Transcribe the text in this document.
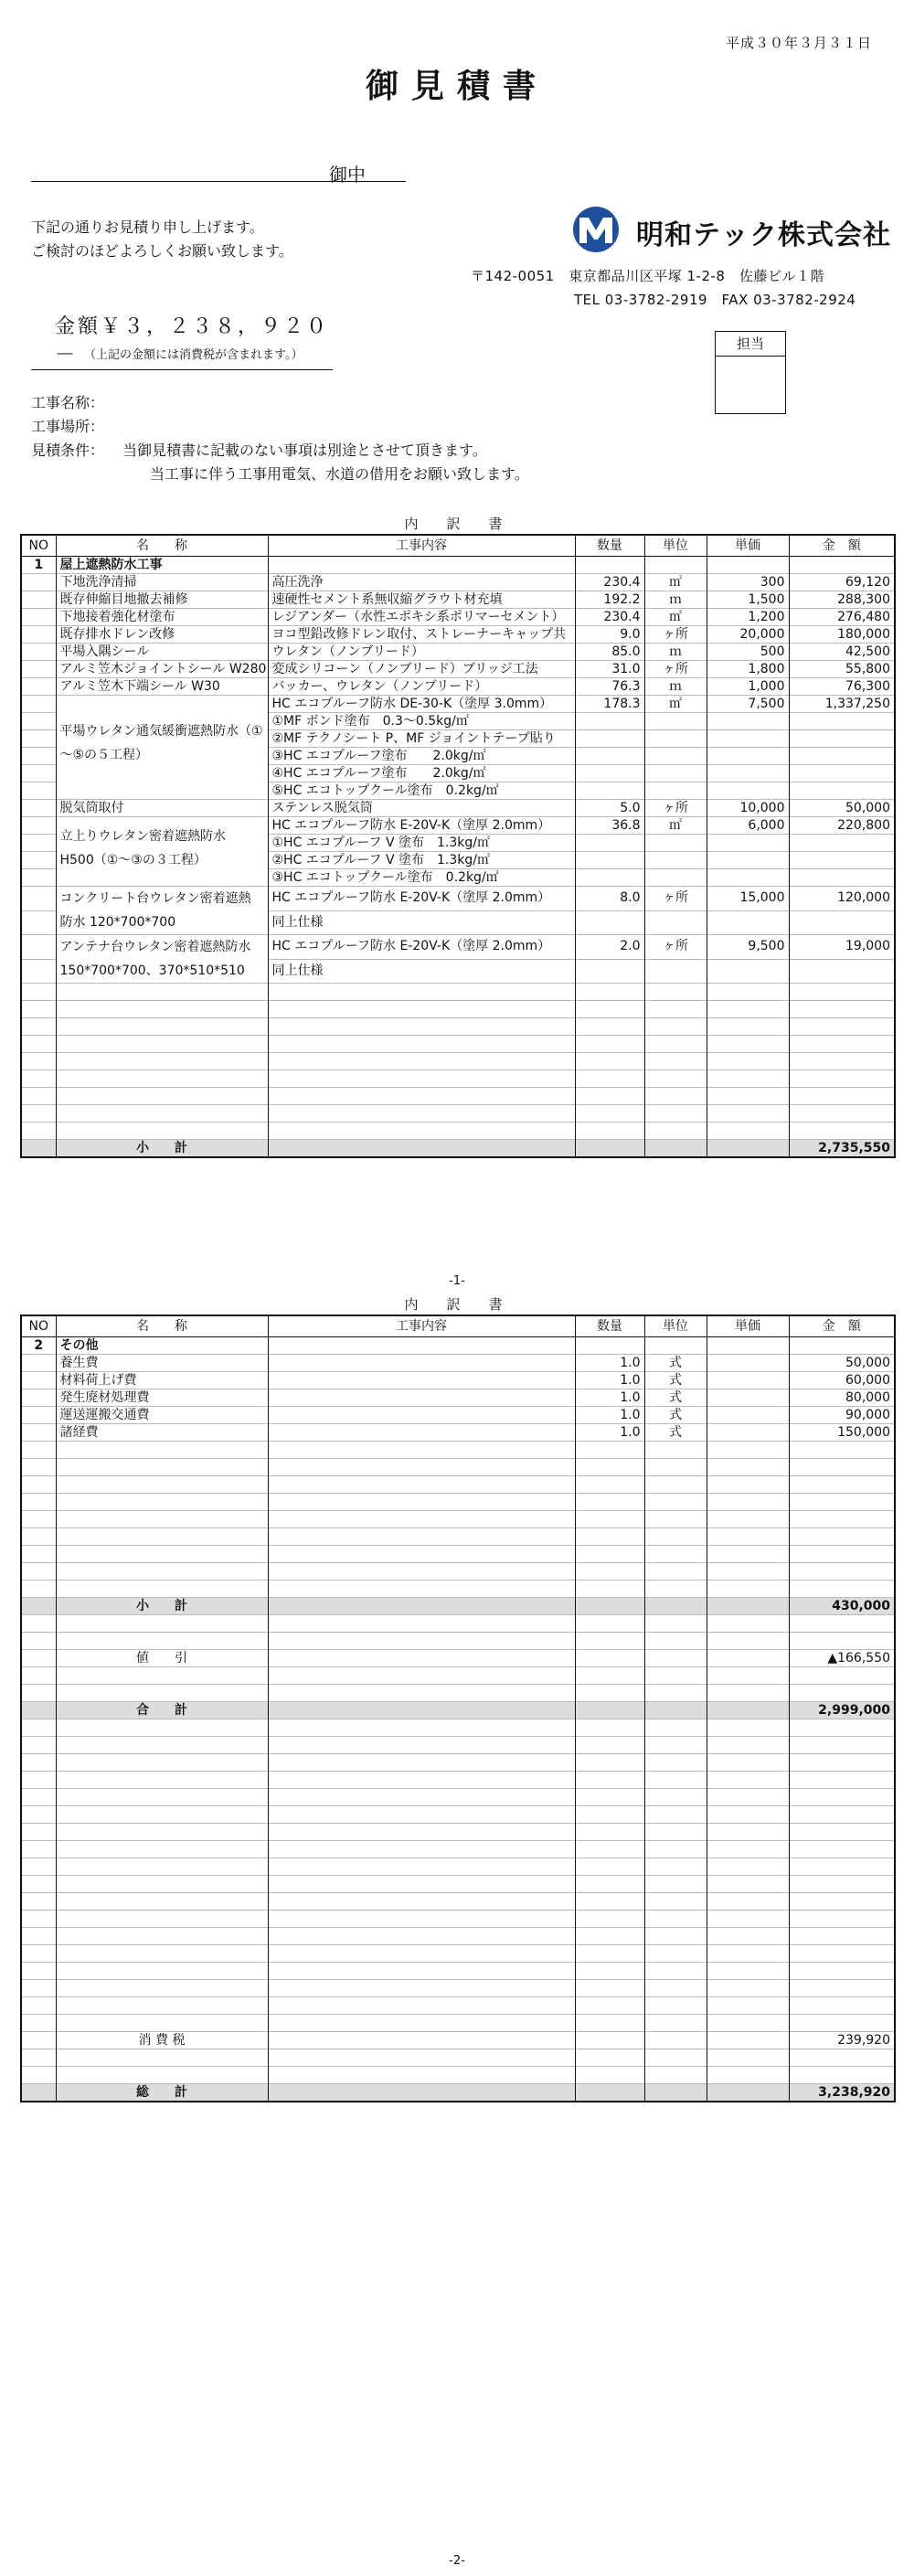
平成３０年３月３１日
御見積書
御中
下記の通りお見積り申し上げます。
ご検討のほどよろしくお願い致します。	明和テック株式会社
〒142-0051　東京都品川区平塚 1-2-8　佐藤ビル１階
TEL 03-3782-2919　FAX 03-3782-2924
金額￥３，２３８，９２０－ （上記の金額には消費税が含まれます。）
担当
工事名称：
工事場所：
見積条件：	当御見積書に記載のない事項は別途とさせて頂きます。
当工事に伴う工事用電気、水道の借用をお願い致します。
内　訳　書
NO	名　　称	工事内容	数量	単位	単価	金　額
1	屋上遮熱防水工事					
	下地洗浄清掃	高圧洗浄	230.4	㎡	300	69,120
	既存伸縮目地撤去補修	速硬性セメント系無収縮グラウト材充填	192.2	ｍ	1,500	288,300
	下地接着強化材塗布	レジアンダー（水性エポキシ系ポリマーセメント）	230.4	㎡	1,200	276,480
	既存排水ドレン改修	ヨコ型鉛改修ドレン取付、ストレーナーキャップ共	9.0	ヶ所	20,000	180,000
	平場入隅シール	ウレタン（ノンブリード）	85.0	ｍ	500	42,500
	アルミ笠木ジョイントシール W280	変成シリコーン（ノンブリード）ブリッジ工法	31.0	ヶ所	1,800	55,800
	アルミ笠木下端シール W30	バッカー、ウレタン（ノンブリード）	76.3	ｍ	1,000	76,300
	平場ウレタン通気緩衝遮熱防水（①～⑤の５工程）	HC エコプルーフ防水 DE-30-K（塗厚 3.0mm）	178.3	㎡	7,500	1,337,250
		①MF ボンド塗布　0.3～0.5kg/㎡				
		②MF テクノシート P、MF ジョイントテープ貼り				
		③HC エコプルーフ塗布　　2.0kg/㎡				
		④HC エコプルーフ塗布　　2.0kg/㎡				
		⑤HC エコトップクール塗布　0.2kg/㎡				
	脱気筒取付	ステンレス脱気筒	5.0	ヶ所	10,000	50,000
	立上りウレタン密着遮熱防水 H500（①～③の３工程）	HC エコプルーフ防水 E-20V-K（塗厚 2.0mm）	36.8	㎡	6,000	220,800
		①HC エコプルーフ V 塗布　1.3kg/㎡				
		②HC エコプルーフ V 塗布　1.3kg/㎡				
		③HC エコトップクール塗布　0.2kg/㎡				
	コンクリート台ウレタン密着遮熱防水 120*700*700	HC エコプルーフ防水 E-20V-K（塗厚 2.0mm）	8.0	ヶ所	15,000	120,000
		同上仕様				
	アンテナ台ウレタン密着遮熱防水 150*700*700、370*510*510	HC エコプルーフ防水 E-20V-K（塗厚 2.0mm）	2.0	ヶ所	9,500	19,000
		同上仕様				

	小　　計					2,735,550
-1-
内　訳　書
NO	名　　称	工事内容	数量	単位	単価	金　額
2	その他					
	養生費		1.0	式		50,000
	材料荷上げ費		1.0	式		60,000
	発生廃材処理費		1.0	式		80,000
	運送運搬交通費		1.0	式		90,000
	諸経費		1.0	式		150,000

	小　　計					430,000

	値　　引					▲166,550

	合　　計					2,999,000

	消 費 税					239,920

	総　　計					3,238,920
-2-
